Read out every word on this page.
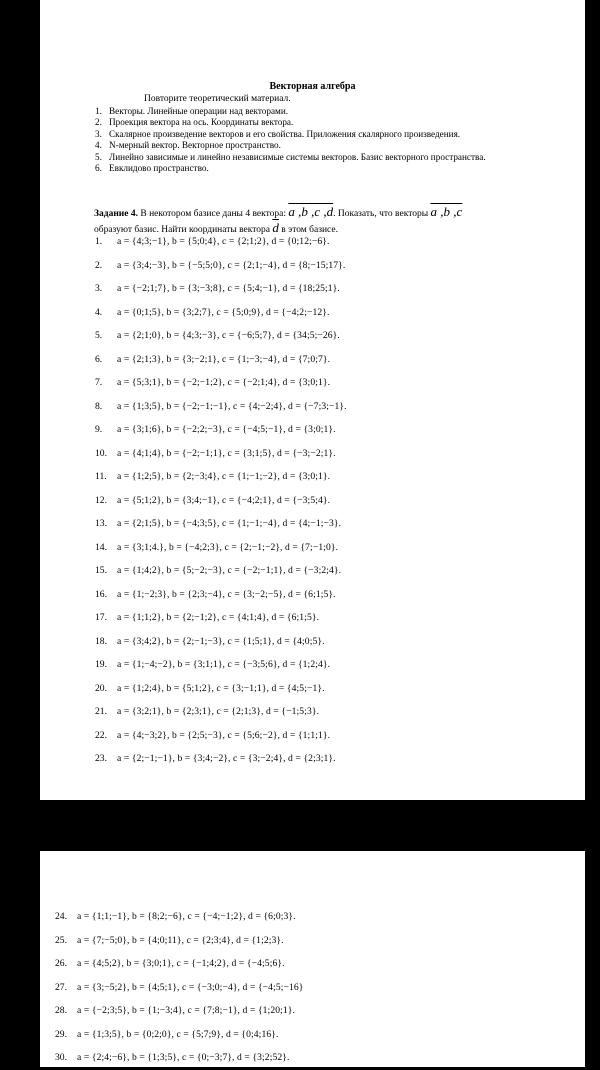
Векторная алгебра
Повторите теоретический материал.
1. Векторы. Линейные операции над векторами.
2. Проекция вектора на ось. Координаты вектора.
3. Скалярное произведение векторов и его свойства. Приложения скалярного произведения.
4. N-мерный вектор. Векторное пространство.
5. Линейно зависимые и линейно независимые системы векторов. Базис векторного пространства.
6. Евклидово пространство.
Задание 4. В некотором базисе даны 4 вектора: a ,b ,c ,d. Показать, что векторы a ,b ,c
образуют базис. Найти координаты вектора $\overline{d}$ в этом базисе.
1.	a = {4;3;−1}, b = {5;0;4}, c = {2;1;2}, d = {0;12;−6}.
2.	a = {3;4;−3}, b = {−5;5;0}, c = {2;1;−4}, d = {8;−15;17}.
3.	a = {−2;1;7}, b = {3;−3;8}, c = {5;4;−1}, d = {18;25;1}.
4.	a = {0;1;5}, b = {3;2;7}, c = {5;0;9}, d = {−4;2;−12}.
5.	a = {2;1;0}, b = {4;3;−3}, c = {−6;5;7}, d = {34;5;−26}.
6.	a = {2;1;3}, b = {3;−2;1}, c = {1;−3;−4}, d = {7;0;7}.
7.	a = {5;3;1}, b = {−2;−1;2}, c = {−2;1;4}, d = {3;0;1}.
8.	a = {1;3;5}, b = {−2;−1;−1}, c = {4;−2;4}, d = {−7;3;−1}.
9.	a = {3;1;6}, b = {−2;2;−3}, c = {−4;5;−1}, d = {3;0;1}.
10.	a = {4;1;4}, b = {−2;−1;1}, c = {3;1;5}, d = {−3;−2;1}.
11.	a = {1;2;5}, b = {2;−3;4}, c = {1;−1;−2}, d = {3;0;1}.
12.	a = {5;1;2}, b = {3;4;−1}, c = {−4;2;1}, d = {−3;5;4}.
13.	a = {2;1;5}, b = {−4;3;5}, c = {1;−1;−4}, d = {4;−1;−3}.
14.	a = {3;1;4.}, b = {−4;2;3}, c = {2;−1;−2}, d = {7;−1;0}.
15.	a = {1;4;2}, b = {5;−2;−3}, c = {−2;−1;1}, d = {−3;2;4}.
16.	a = {1;−2;3}, b = {2;3;−4}, c = {3;−2;−5}, d = {6;1;5}.
17.	a = {1;1;2}, b = {2;−1;2}, c = {4;1;4}, d = {6;1;5}.
18.	a = {3;4;2}, b = {2;−1;−3}, c = {1;5;1}, d = {4;0;5}.
19.	a = {1;−4;−2}, b = {3;1;1}, c = {−3;5;6}, d = {1;2;4}.
20.	a = {1;2;4}, b = {5;1;2}, c = {3;−1;1}, d = {4;5;−1}.
21.	a = {3;2;1}, b = {2;3;1}, c = {2;1;3}, d = {−1;5;3}.
22.	a = {4;−3;2}, b = {2;5;−3}, c = {5;6;−2}, d = {1;1;1}.
23.	a = {2;−1;−1}, b = {3;4;−2}, c = {3;−2;4}, d = {2;3;1}.
24.	a = {1;1;−1}, b = {8;2;−6}, c = {−4;−1;2}, d = {6;0;3}.
25.	a = {7;−5;0}, b = {4;0;11}, c = {2;3;4}, d = {1;2;3}.
26.	a = {4;5;2}, b = {3;0;1}, c = {−1;4;2}, d = {−4;5;6}.
27.	a = {3;−5;2}, b = {4;5;1}, c = {−3;0;−4}, d = {−4;5;−16}
28.	a = {−2;3;5}, b = {1;−3;4}, c = {7;8;−1}, d = {1;20;1}.
29.	a = {1;3;5}, b = {0;2;0}, c = {5;7;9}, d = {0;4;16}.
30.	a = {2;4;−6}, b = {1;3;5}, c = {0;−3;7}, d = {3;2;52}.
